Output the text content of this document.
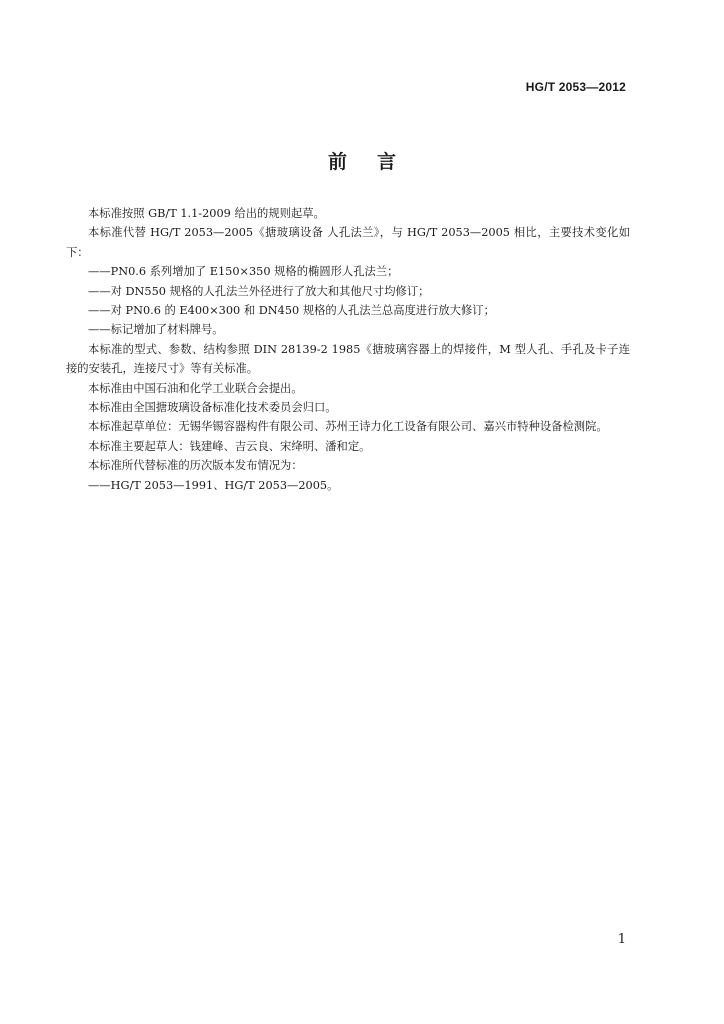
HG/T 2053—2012
前言

本标准按照 GB/T 1.1-2009 给出的规则起草。

本标准代替 HG/T 2053—2005《搪玻璃设备 人孔法兰》，与 HG/T 2053—2005 相比，主要技术变化如下：

——PN0.6 系列增加了 E150×350 规格的椭圆形人孔法兰；

——对 DN550 规格的人孔法兰外径进行了放大和其他尺寸均修订；

——对 PN0.6 的 E400×300 和 DN450 规格的人孔法兰总高度进行放大修订；

——标记增加了材料牌号。

本标准的型式、参数、结构参照 DIN 28139-2 1985《搪玻璃容器上的焊接件，M 型人孔、手孔及卡子连接的安装孔，连接尺寸》等有关标准。

本标准由中国石油和化学工业联合会提出。

本标准由全国搪玻璃设备标准化技术委员会归口。

本标准起草单位：无锡华锡容器构件有限公司、苏州王诗力化工设备有限公司、嘉兴市特种设备检测院。

本标准主要起草人：钱建峰、吉云良、宋绛明、潘和定。

本标准所代替标准的历次版本发布情况为：

——HG/T 2053—1991、HG/T 2053—2005。

1
